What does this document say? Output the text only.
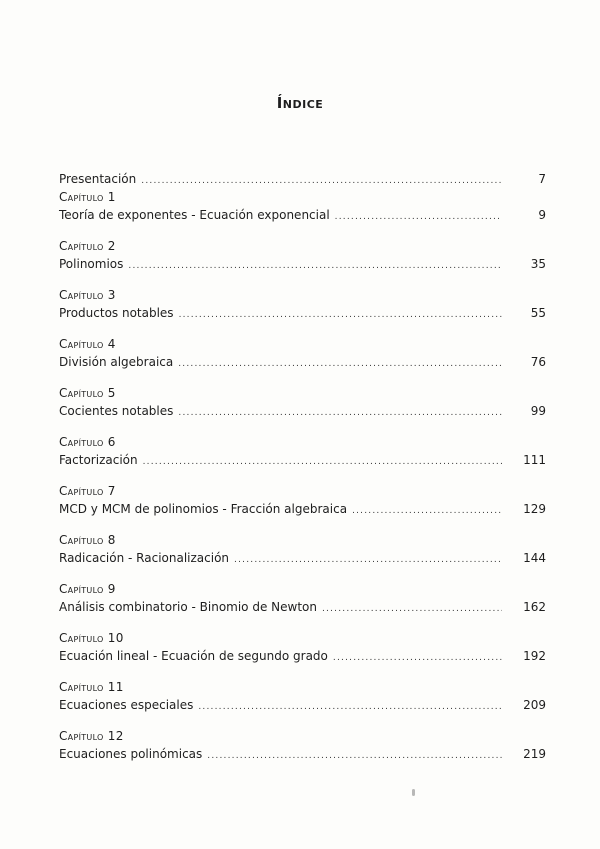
Índice
Presentación .....	7
Capítulo 1
Teoría de exponentes - Ecuación exponencial .....	9
Capítulo 2
Polinomios .....	35
Capítulo 3
Productos notables .....	55
Capítulo 4
División algebraica .....	76
Capítulo 5
Cocientes notables .....	99
Capítulo 6
Factorización .....	111
Capítulo 7
MCD y MCM de polinomios - Fracción algebraica .....	129
Capítulo 8
Radicación - Racionalización .....	144
Capítulo 9
Análisis combinatorio - Binomio de Newton .....	162
Capítulo 10
Ecuación lineal - Ecuación de segundo grado .....	192
Capítulo 11
Ecuaciones especiales .....	209
Capítulo 12
Ecuaciones polinómicas .....	219
